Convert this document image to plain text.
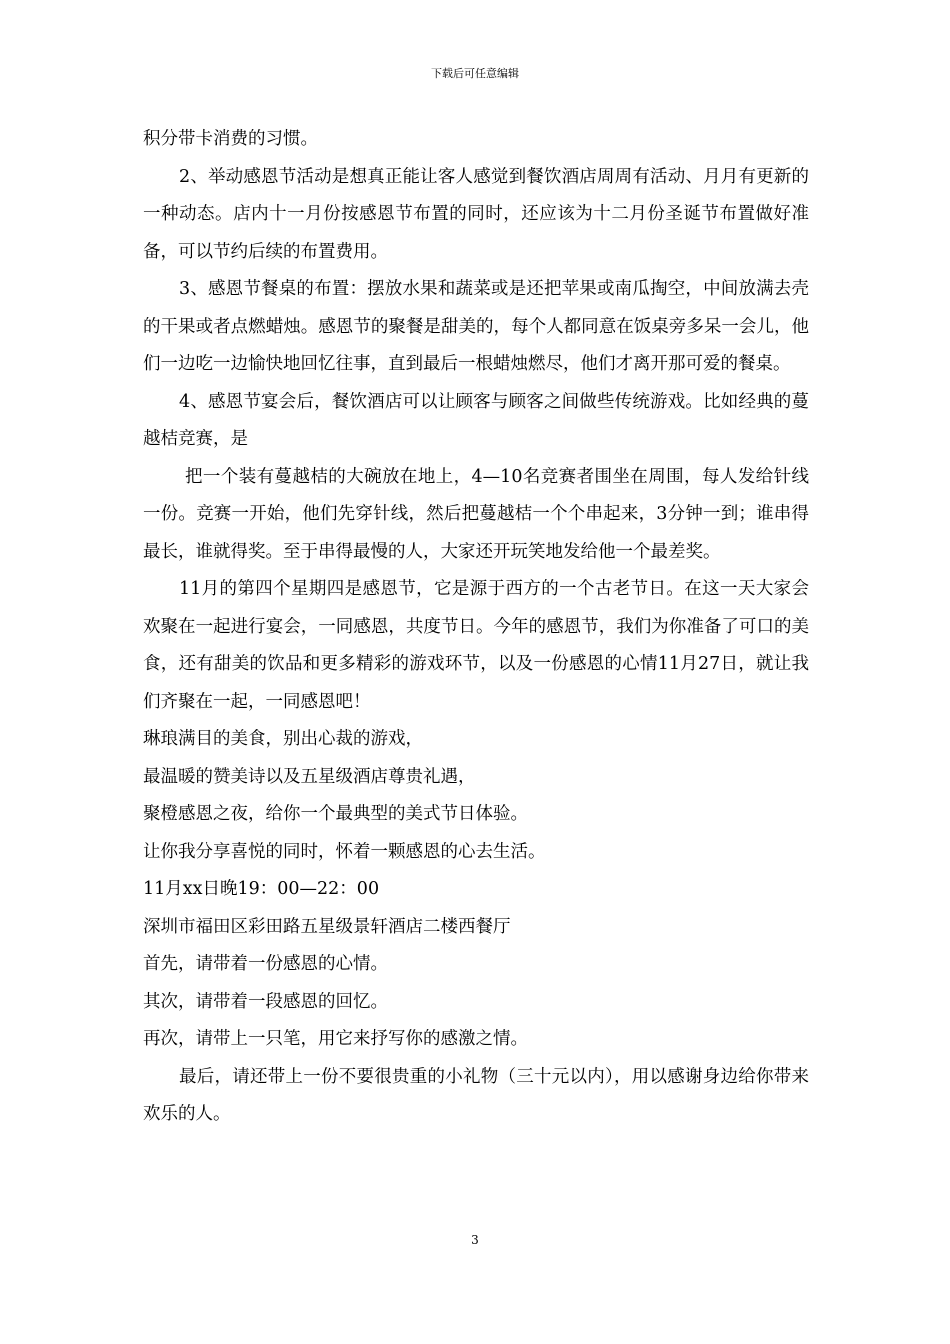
下载后可任意编辑

积分带卡消费的习惯。

2、举动感恩节活动是想真正能让客人感觉到餐饮酒店周周有活动、月月有更新的一种动态。店内十一月份按感恩节布置的同时，还应该为十二月份圣诞节布置做好准备，可以节约后续的布置费用。

3、感恩节餐桌的布置：摆放水果和蔬菜或是还把苹果或南瓜掏空，中间放满去壳的干果或者点燃蜡烛。感恩节的聚餐是甜美的，每个人都同意在饭桌旁多呆一会儿，他们一边吃一边愉快地回忆往事，直到最后一根蜡烛燃尽，他们才离开那可爱的餐桌。

4、感恩节宴会后，餐饮酒店可以让顾客与顾客之间做些传统游戏。比如经典的蔓越桔竞赛，是

把一个装有蔓越桔的大碗放在地上，4—10名竞赛者围坐在周围，每人发给针线一份。竞赛一开始，他们先穿针线，然后把蔓越桔一个个串起来，3分钟一到；谁串得最长，谁就得奖。至于串得最慢的人，大家还开玩笑地发给他一个最差奖。

11月的第四个星期四是感恩节，它是源于西方的一个古老节日。在这一天大家会欢聚在一起进行宴会，一同感恩，共度节日。今年的感恩节，我们为你准备了可口的美食，还有甜美的饮品和更多精彩的游戏环节，以及一份感恩的心情11月27日，就让我们齐聚在一起，一同感恩吧！

琳琅满目的美食，别出心裁的游戏，

最温暖的赞美诗以及五星级酒店尊贵礼遇，

聚橙感恩之夜，给你一个最典型的美式节日体验。

让你我分享喜悦的同时，怀着一颗感恩的心去生活。

11月xx日晚19：00—22：00

深圳市福田区彩田路五星级景轩酒店二楼西餐厅

首先，请带着一份感恩的心情。

其次，请带着一段感恩的回忆。

再次，请带上一只笔，用它来抒写你的感激之情。

最后，请还带上一份不要很贵重的小礼物（三十元以内），用以感谢身边给你带来欢乐的人。

3
